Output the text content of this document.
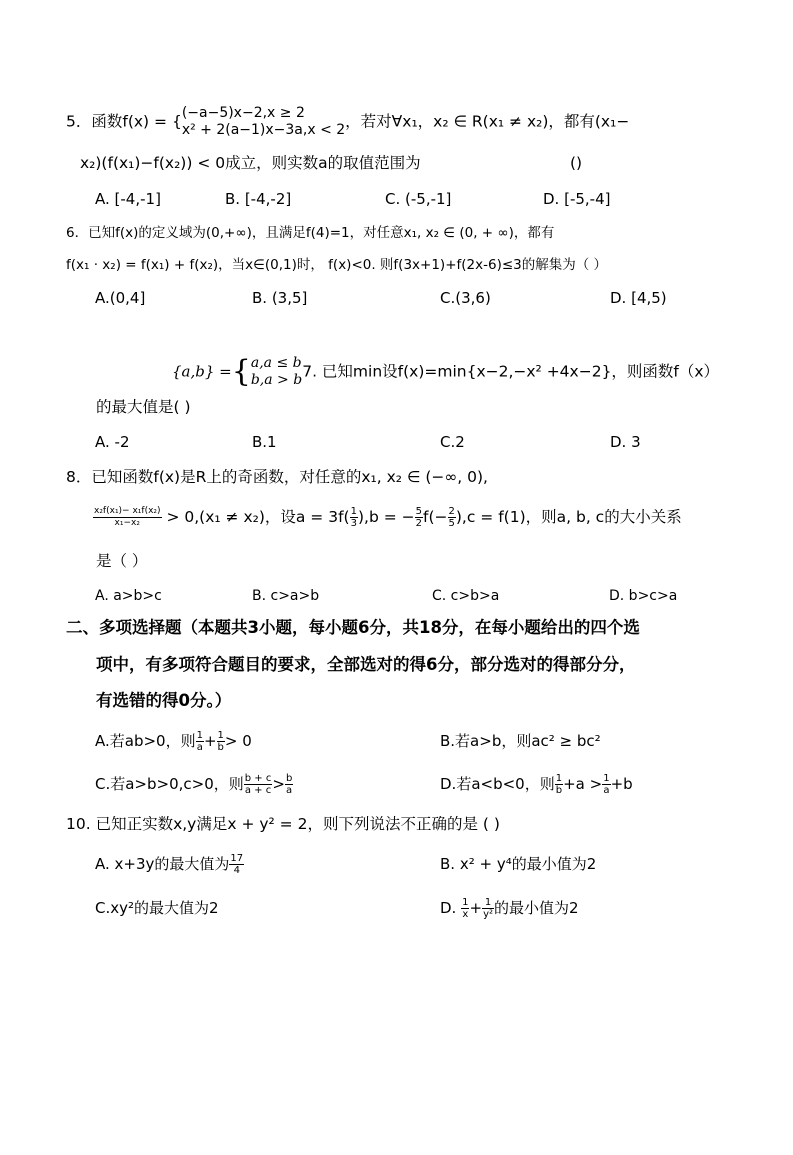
5．函数f(x) = { (−a−5)x−2,x ≥ 2
x² + 2(a−1)x−3a,x < 2 ，若对∀x₁，x₂ ∈ R(x₁ ≠ x₂)，都有(x₁−
x₂)(f(x₁)−f(x₂)) < 0成立，则实数a的取值范围为	()
A. [-4,-1]	B. [-4,-2]	C. (-5,-1]	D. [-5,-4]
6．已知f(x)的定义域为(0,+∞)，且满足f(4)=1，对任意x₁, x₂ ∈ (0, + ∞)，都有
f(x₁ · x₂) = f(x₁) + f(x₂)，当x∈(0,1)时， f(x)<0. 则f(3x+1)+f(2x-6)≤3的解集为（ ）
A.(0,4]	B. (3,5]	C.(3,6)	D. [4,5)
{a,b} ={ a,a ≤ b
b,a > b 7. 已知min设f(x)=min{x−2,−x² +4x−2}，则函数f（x）
的最大值是( )
A. -2	B.1	C.2	D. 3
8．已知函数f(x)是R上的奇函数，对任意的x₁, x₂ ∈ (−∞, 0),
$\frac{\text{x₂f(x₁)− x₁f(x₂)}}{\text{x₁−x₂}} > 0,(x_1 \ne x_2)$，设$a = 3f( \frac{1}{3} ),b$ = − $\frac{5}{2} f(- \frac{2}{5} ),c = f(1)$，则a, b, c的大小关系
是（ ）
A. a>b>c	B. c>a>b	C. c>b>a	D. b>c>a
二、多项选择题（本题共3小题，每小题6分，共18分，在每小题给出的四个选
项中，有多项符合题目的要求，全部选对的得6分，部分选对的得部分分，
有选错的得0分。）
A.若ab>0，则 $\frac{1}{a} + \frac{1}{b} > 0$	B.若a>b，则ac² ≥ bc²
C.若a>b>0,c>0，则 $\frac{b + c}{a + c} > \frac{b}{a}$	D.若a<b<0，则 $\frac{1}{b} +a > \frac{1}{a} +b$
10. 已知正实数x,y满足x + y² = 2，则下列说法不正确的是 ( )
A. x+3y的最大值为 $\frac{17}{4}$	B. x² + y⁴的最小值为2
C.xy²的最大值为2	D. $\frac{1}{x} + \frac{1}{\text{y²}}$ 的最小值为2
